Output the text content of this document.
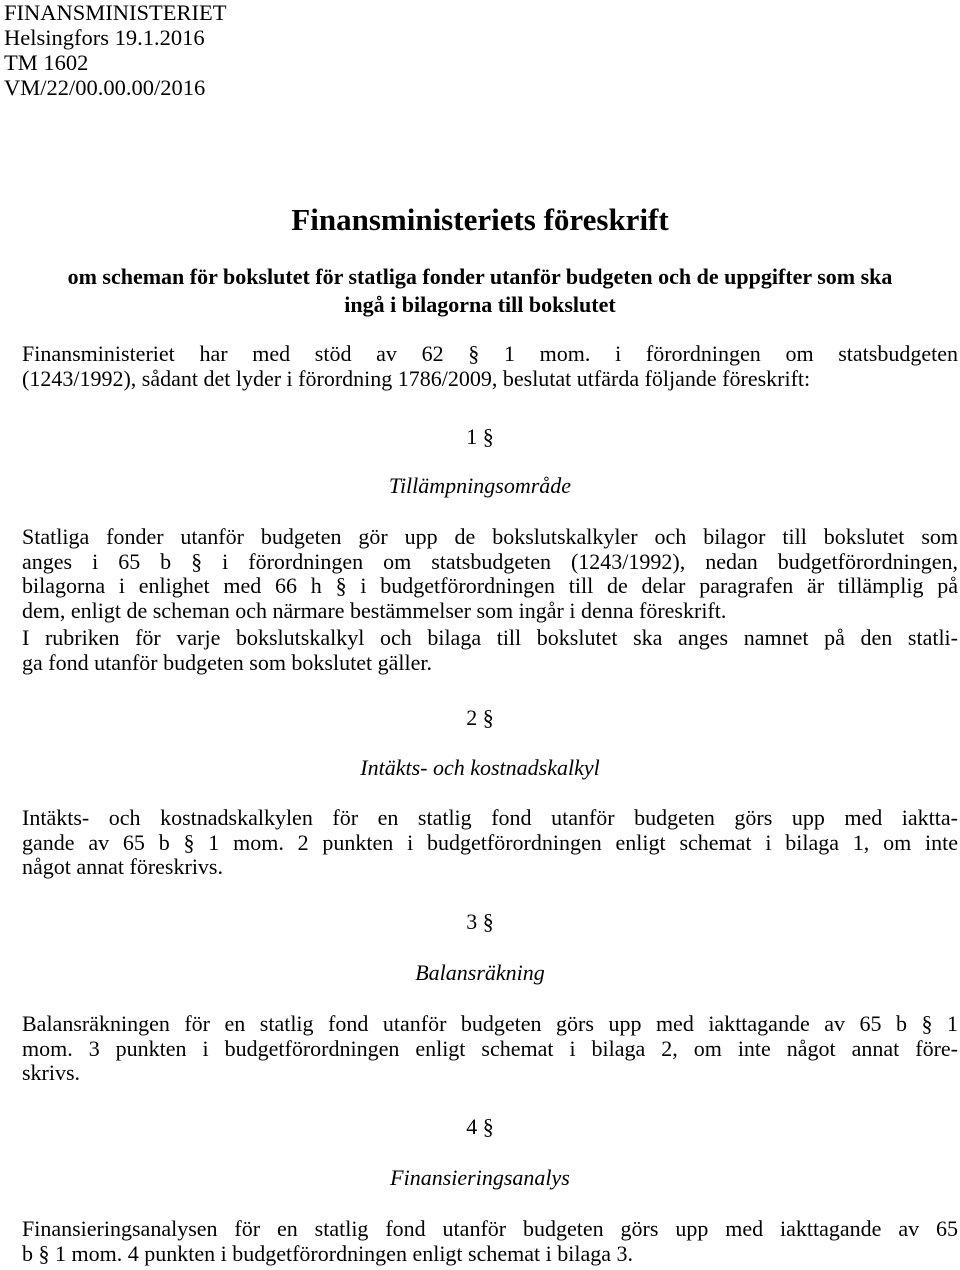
FINANSMINISTERIET
Helsingfors 19.1.2016
TM 1602
VM/22/00.00.00/2016
Finansministeriets föreskrift
om scheman för bokslutet för statliga fonder utanför budgeten och de uppgifter som ska
ingå i bilagorna till bokslutet
Finansministeriet har med stöd av 62 § 1 mom. i förordningen om statsbudgeten
(1243/1992), sådant det lyder i förordning 1786/2009, beslutat utfärda följande föreskrift:
1 §
Tillämpningsområde
Statliga fonder utanför budgeten gör upp de bokslutskalkyler och bilagor till bokslutet som
anges i 65 b § i förordningen om statsbudgeten (1243/1992), nedan budgetförordningen,
bilagorna i enlighet med 66 h § i budgetförordningen till de delar paragrafen är tillämplig på
dem, enligt de scheman och närmare bestämmelser som ingår i denna föreskrift.
I rubriken för varje bokslutskalkyl och bilaga till bokslutet ska anges namnet på den statli-
ga fond utanför budgeten som bokslutet gäller.
2 §
Intäkts- och kostnadskalkyl
Intäkts- och kostnadskalkylen för en statlig fond utanför budgeten görs upp med iaktta-
gande av 65 b § 1 mom. 2 punkten i budgetförordningen enligt schemat i bilaga 1, om inte
något annat föreskrivs.
3 §
Balansräkning
Balansräkningen för en statlig fond utanför budgeten görs upp med iakttagande av 65 b § 1
mom. 3 punkten i budgetförordningen enligt schemat i bilaga 2, om inte något annat före-
skrivs.
4 §
Finansieringsanalys
Finansieringsanalysen för en statlig fond utanför budgeten görs upp med iakttagande av 65
b § 1 mom. 4 punkten i budgetförordningen enligt schemat i bilaga 3.
